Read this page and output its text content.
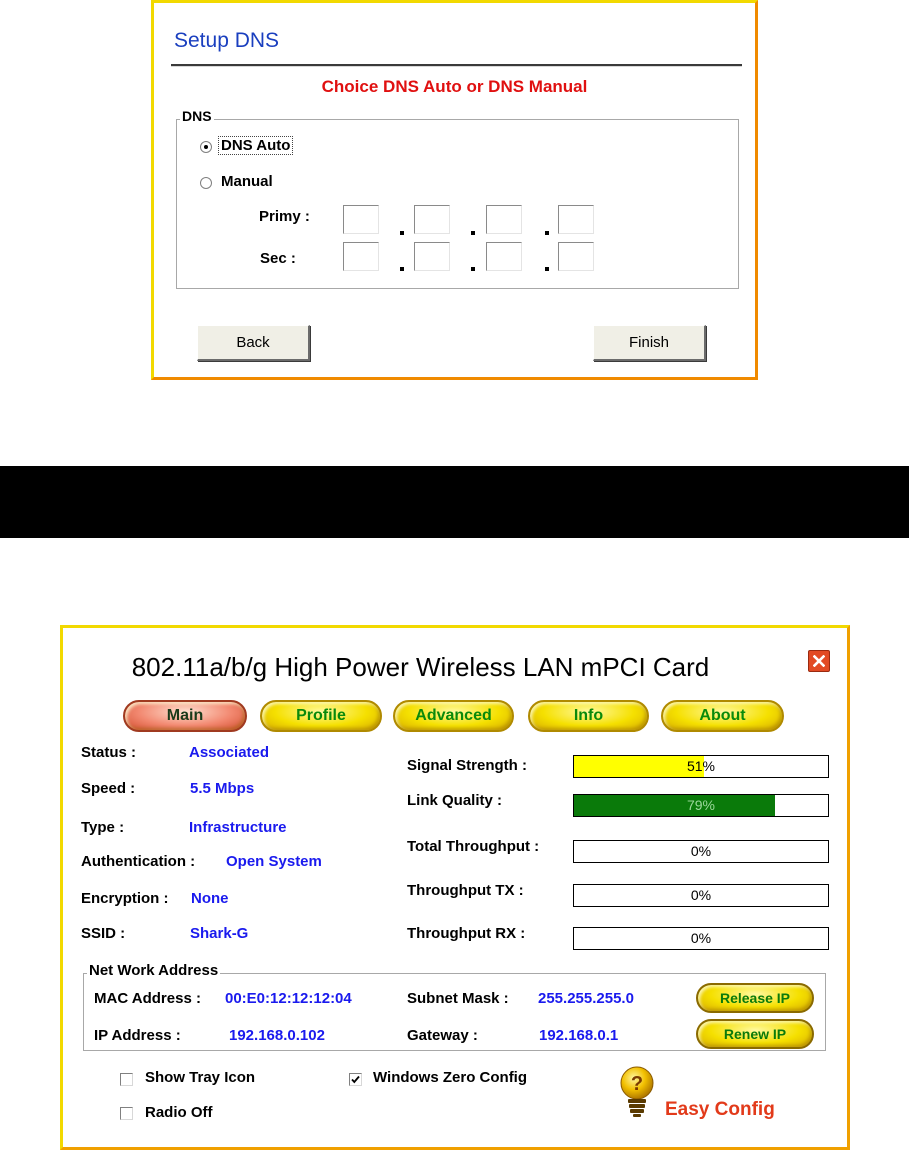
Setup DNS
Choice DNS Auto or DNS Manual
DNS
DNS Auto
Manual
Primy :
Sec :
Back	Finish
802.11a/b/g High Power Wireless LAN mPCI Card
Main	Profile	Advanced	Info	About
Status :	Associated
Speed :	5.5 Mbps
Type :	Infrastructure
Authentication : Open System
Encryption : None
SSID :	Shark-G
Signal Strength :	51%
Link Quality :	79%
Total Throughput :	0%
Throughput TX :	0%
Throughput RX :	0%
Net Work Address
MAC Address : 00:E0:12:12:12:04	Subnet Mask : 255.255.255.0
IP Address :	192.168.0.102	Gateway :	192.168.0.1
Release IP
Renew IP
Show Tray Icon
Radio Off
Windows Zero Config	?
Easy Config
